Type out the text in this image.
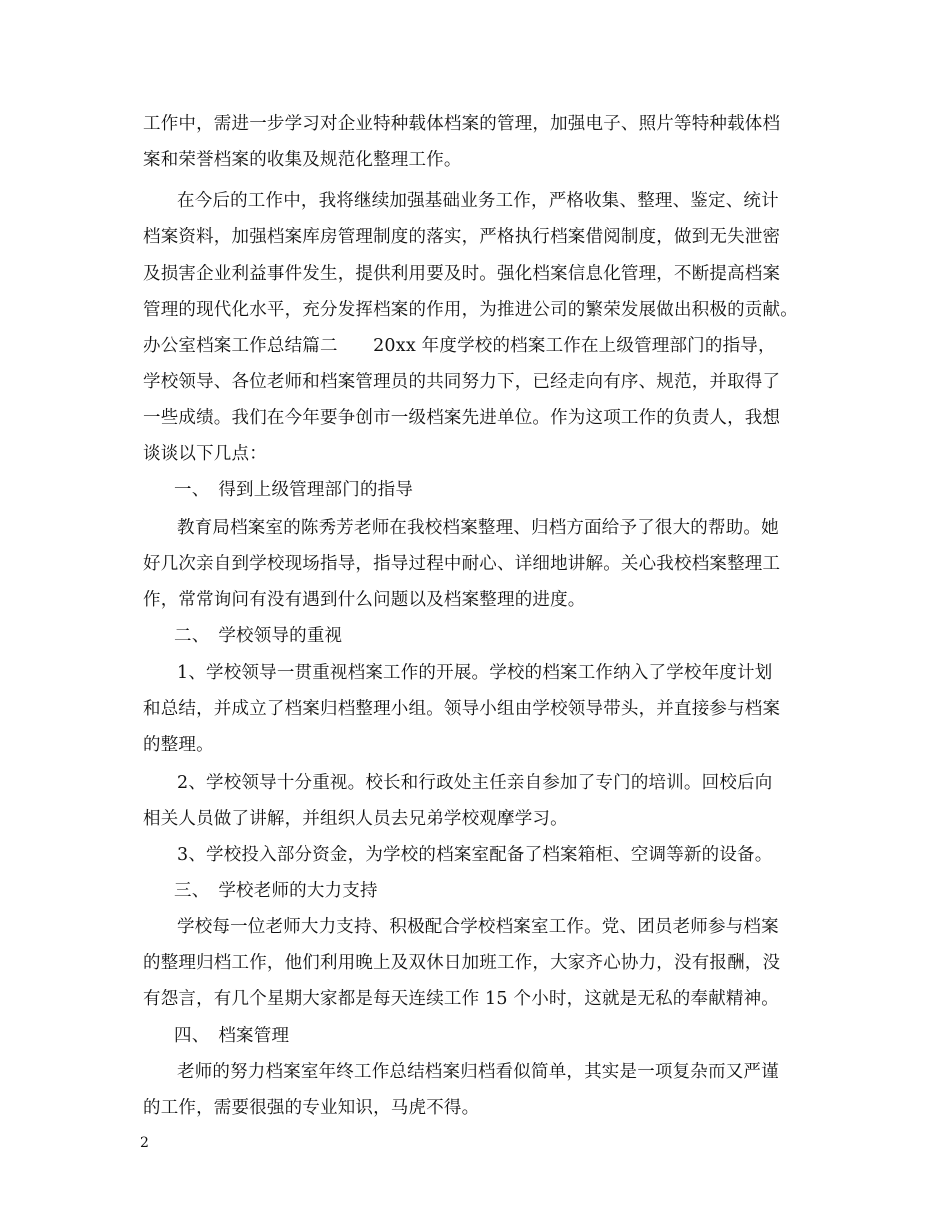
工作中，需进一步学习对企业特种载体档案的管理，加强电子、照片等特种载体档
案和荣誉档案的收集及规范化整理工作。
在今后的工作中，我将继续加强基础业务工作，严格收集、整理、鉴定、统计
档案资料，加强档案库房管理制度的落实，严格执行档案借阅制度，做到无失泄密
及损害企业利益事件发生，提供利用要及时。强化档案信息化管理，不断提高档案
管理的现代化水平，充分发挥档案的作用，为推进公司的繁荣发展做出积极的贡献。
办公室档案工作总结篇二　　20xx 年度学校的档案工作在上级管理部门的指导，
学校领导、各位老师和档案管理员的共同努力下，已经走向有序、规范，并取得了
一些成绩。我们在今年要争创市一级档案先进单位。作为这项工作的负责人，我想
谈谈以下几点：
一、　得到上级管理部门的指导
教育局档案室的陈秀芳老师在我校档案整理、归档方面给予了很大的帮助。她
好几次亲自到学校现场指导，指导过程中耐心、详细地讲解。关心我校档案整理工
作，常常询问有没有遇到什么问题以及档案整理的进度。
二、　学校领导的重视
1、学校领导一贯重视档案工作的开展。学校的档案工作纳入了学校年度计划
和总结，并成立了档案归档整理小组。领导小组由学校领导带头，并直接参与档案
的整理。
2、学校领导十分重视。校长和行政处主任亲自参加了专门的培训。回校后向
相关人员做了讲解，并组织人员去兄弟学校观摩学习。
3、学校投入部分资金，为学校的档案室配备了档案箱柜、空调等新的设备。
三、　学校老师的大力支持
学校每一位老师大力支持、积极配合学校档案室工作。党、团员老师参与档案
的整理归档工作，他们利用晚上及双休日加班工作，大家齐心协力，没有报酬，没
有怨言，有几个星期大家都是每天连续工作 15 个小时，这就是无私的奉献精神。
四、　档案管理
老师的努力档案室年终工作总结档案归档看似简单，其实是一项复杂而又严谨
的工作，需要很强的专业知识，马虎不得。
2
